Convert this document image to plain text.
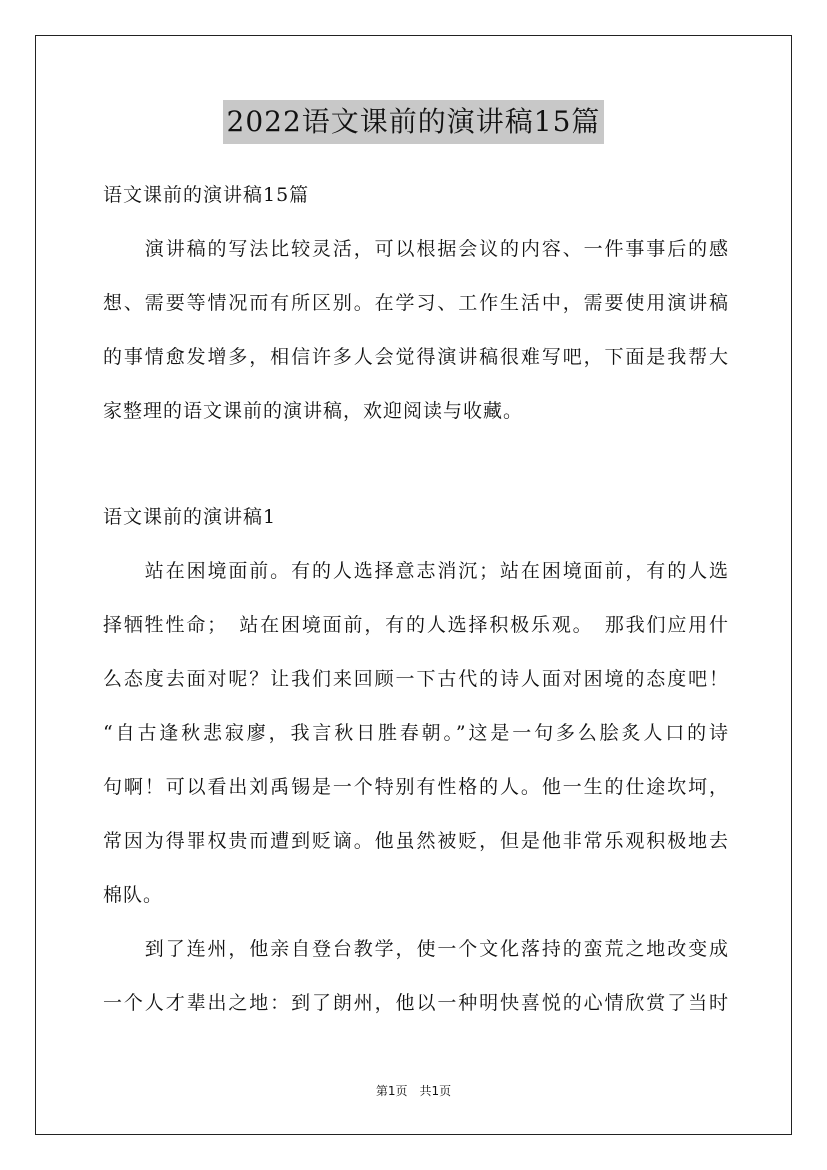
2022语文课前的演讲稿15篇
语文课前的演讲稿15篇
　　演讲稿的写法比较灵活，可以根据会议的内容、一件事事后的感
想、需要等情况而有所区别。在学习、工作生活中，需要使用演讲稿
的事情愈发增多，相信许多人会觉得演讲稿很难写吧，下面是我帮大
家整理的语文课前的演讲稿，欢迎阅读与收藏。
语文课前的演讲稿1
　　站在困境面前。有的人选择意志消沉；站在困境面前，有的人选
择牺牲性命；　站在困境面前，有的人选择积极乐观。　那我们应用什
么态度去面对呢？让我们来回顾一下古代的诗人面对困境的态度吧！
“自古逢秋悲寂廖，我言秋日胜春朝。”这是一句多么脍炙人口的诗
句啊！可以看出刘禹锡是一个特别有性格的人。他一生的仕途坎坷，
常因为得罪权贵而遭到贬谪。他虽然被贬，但是他非常乐观积极地去
棉队。
　　到了连州，他亲自登台教学，使一个文化落持的蛮荒之地改变成
一个人才辈出之地：到了朗州，他以一种明快喜悦的心情欣赏了当时
第1页　共1页
